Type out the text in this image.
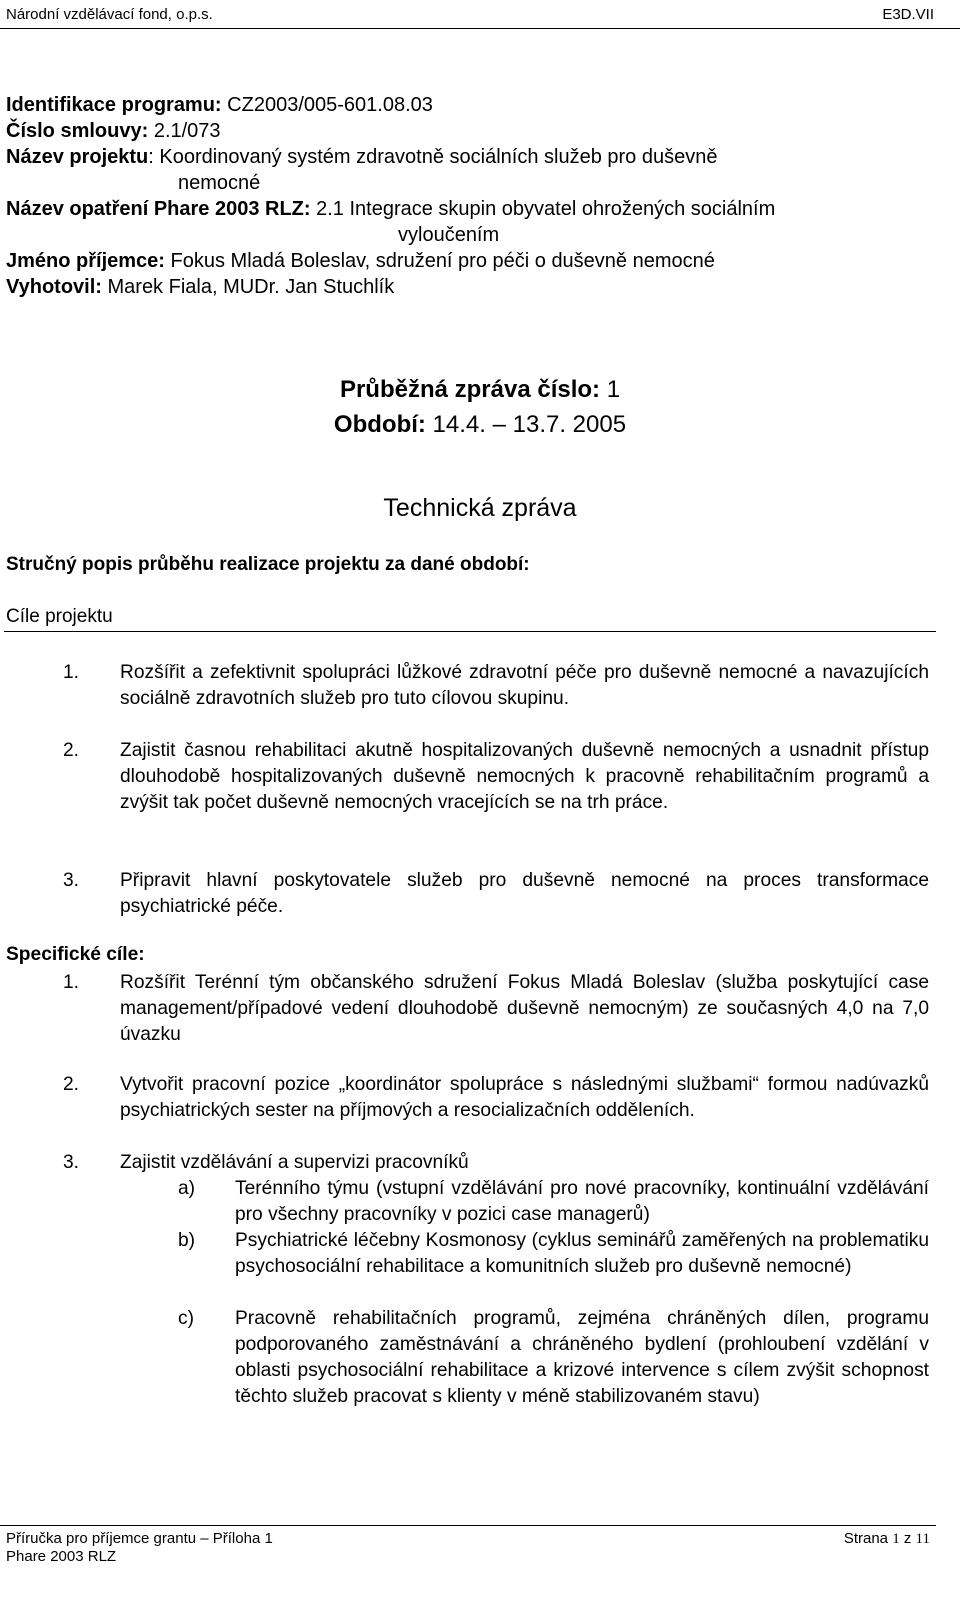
Národní vzdělávací fond, o.p.s.	E3D.VII
Identifikace programu: CZ2003/005-601.08.03
Číslo smlouvy: 2.1/073
Název projektu: Koordinovaný systém zdravotně sociálních služeb pro duševně
nemocné
Název opatření Phare 2003 RLZ: 2.1 Integrace skupin obyvatel ohrožených sociálním
vyloučením
Jméno příjemce: Fokus Mladá Boleslav, sdružení pro péči o duševně nemocné
Vyhotovil: Marek Fiala, MUDr. Jan Stuchlík
Průběžná zpráva číslo: 1
Období: 14.4. – 13.7. 2005
Technická zpráva
Stručný popis průběhu realizace projektu za dané období:
Cíle projektu
1. Rozšířit a zefektivnit spolupráci lůžkové zdravotní péče pro duševně nemocné a navazujících sociálně zdravotních služeb pro tuto cílovou skupinu.
2. Zajistit časnou rehabilitaci akutně hospitalizovaných duševně nemocných a usnadnit přístup dlouhodobě hospitalizovaných duševně nemocných k pracovně rehabilitačním programů a zvýšit tak počet duševně nemocných vracejících se na trh práce.
3. Připravit hlavní poskytovatele služeb pro duševně nemocné na proces transformace psychiatrické péče.
Specifické cíle:
1. Rozšířit Terénní tým občanského sdružení Fokus Mladá Boleslav (služba poskytující case management/případové vedení dlouhodobě duševně nemocným) ze současných 4,0 na 7,0 úvazku
2. Vytvořit pracovní pozice „koordinátor spolupráce s následnými službami“ formou nadúvazků psychiatrických sester na příjmových a resocializačních odděleních.
3. Zajistit vzdělávání a supervizi pracovníků
a) Terénního týmu (vstupní vzdělávání pro nové pracovníky, kontinuální vzdělávání pro všechny pracovníky v pozici case managerů)
b) Psychiatrické léčebny Kosmonosy (cyklus seminářů zaměřených na problematiku psychosociální rehabilitace a komunitních služeb pro duševně nemocné)
c) Pracovně rehabilitačních programů, zejména chráněných dílen, programu podporovaného zaměstnávání a chráněného bydlení (prohloubení vzdělání v oblasti psychosociální rehabilitace a krizové intervence s cílem zvýšit schopnost těchto služeb pracovat s klienty v méně stabilizovaném stavu)
Příručka pro příjemce grantu – Příloha 1
Phare 2003 RLZ
Strana 1 z 11
